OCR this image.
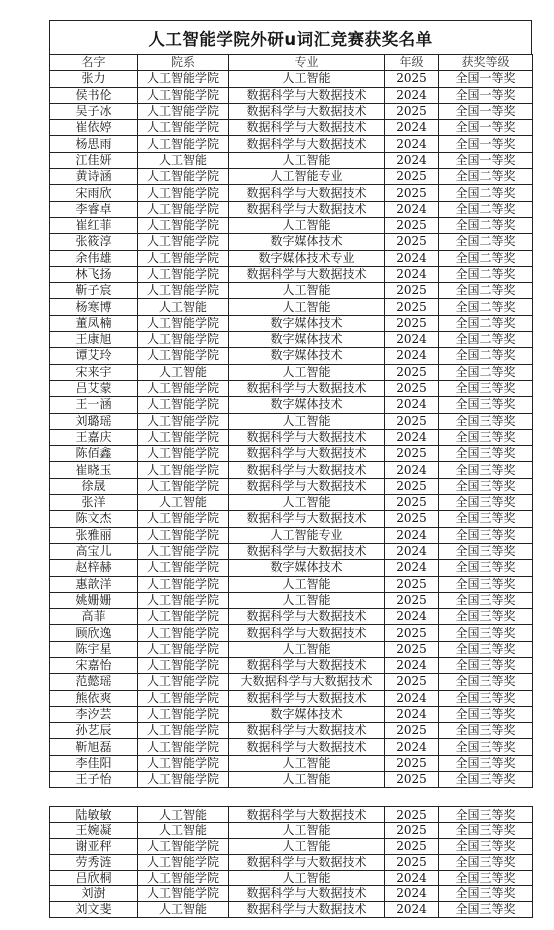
人工智能学院外研u词汇竞赛获奖名单
名字	院系	专业	年级	获奖等级
张力	人工智能学院	人工智能	2025	全国一等奖
侯书伦	人工智能学院	数据科学与大数据技术	2024	全国一等奖
吴子冰	人工智能学院	数据科学与大数据技术	2025	全国一等奖
崔依婷	人工智能学院	数据科学与大数据技术	2024	全国一等奖
杨思雨	人工智能学院	数据科学与大数据技术	2024	全国一等奖
江佳妍	人工智能	人工智能	2024	全国一等奖
黄诗涵	人工智能学院	人工智能专业	2025	全国二等奖
宋雨欣	人工智能学院	数据科学与大数据技术	2025	全国二等奖
李睿卓	人工智能学院	数据科学与大数据技术	2024	全国二等奖
崔红菲	人工智能学院	人工智能	2025	全国二等奖
张筱淳	人工智能学院	数字媒体技术	2025	全国二等奖
余伟雄	人工智能学院	数字媒体技术专业	2024	全国二等奖
林飞扬	人工智能学院	数据科学与大数据技术	2024	全国二等奖
靳子宸	人工智能学院	人工智能	2025	全国二等奖
杨寒博	人工智能	人工智能	2025	全国二等奖
董凤楠	人工智能学院	数字媒体技术	2025	全国二等奖
王康旭	人工智能学院	数字媒体技术	2024	全国二等奖
谭艾玲	人工智能学院	数字媒体技术	2024	全国二等奖
宋来宇	人工智能	人工智能	2025	全国二等奖
吕艾蒙	人工智能学院	数据科学与大数据技术	2025	全国三等奖
王一涵	人工智能学院	数字媒体技术	2024	全国三等奖
刘璐瑶	人工智能学院	人工智能	2025	全国三等奖
王嘉庆	人工智能学院	数据科学与大数据技术	2024	全国三等奖
陈佰鑫	人工智能学院	数据科学与大数据技术	2025	全国三等奖
崔晓玉	人工智能学院	数据科学与大数据技术	2024	全国三等奖
徐晟	人工智能学院	数据科学与大数据技术	2025	全国三等奖
张洋	人工智能	人工智能	2025	全国三等奖
陈文杰	人工智能学院	数据科学与大数据技术	2025	全国三等奖
张雅丽	人工智能学院	人工智能专业	2024	全国三等奖
高宝儿	人工智能学院	数据科学与大数据技术	2024	全国三等奖
赵梓赫	人工智能学院	数字媒体技术	2024	全国三等奖
惠歆洋	人工智能学院	人工智能	2025	全国三等奖
姚姗姗	人工智能学院	人工智能	2025	全国三等奖
高菲	人工智能学院	数据科学与大数据技术	2024	全国三等奖
顾欣逸	人工智能学院	数据科学与大数据技术	2025	全国三等奖
陈宇星	人工智能学院	人工智能	2025	全国三等奖
宋嘉怡	人工智能学院	数据科学与大数据技术	2024	全国三等奖
范懿瑶	人工智能学院	大数据科学与大数据技术	2025	全国三等奖
熊依爽	人工智能学院	数据科学与大数据技术	2024	全国三等奖
李汐芸	人工智能学院	数字媒体技术	2024	全国三等奖
孙艺辰	人工智能学院	数据科学与大数据技术	2025	全国三等奖
靳旭磊	人工智能学院	数据科学与大数据技术	2024	全国三等奖
李佳阳	人工智能学院	人工智能	2025	全国三等奖
王子怡	人工智能学院	人工智能	2025	全国三等奖
陆敏敏	人工智能	数据科学与大数据技术	2025	全国三等奖
王婉凝	人工智能	人工智能	2025	全国三等奖
谢亚秤	人工智能学院	人工智能	2025	全国三等奖
劳秀涟	人工智能学院	数据科学与大数据技术	2025	全国三等奖
吕欣桐	人工智能学院	人工智能	2024	全国三等奖
刘澍	人工智能学院	数据科学与大数据技术	2024	全国三等奖
刘文斐	人工智能	数据科学与大数据技术	2024	全国三等奖
